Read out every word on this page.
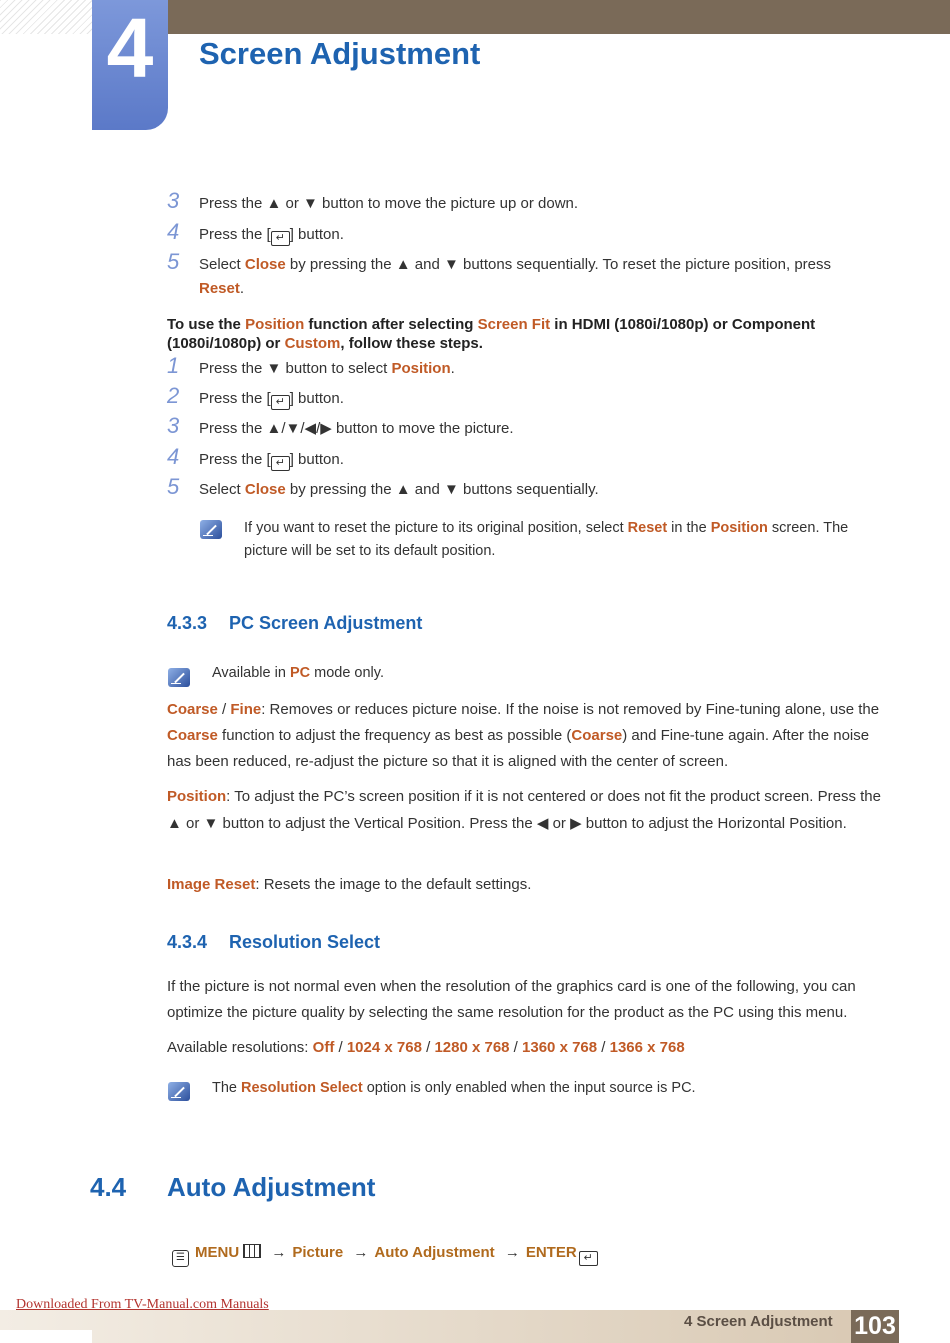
4	Screen Adjustment
3 Press the ▲ or ▼ button to move the picture up or down.
4 Press the [ ↵ ] button.
5 Select Close by pressing the ▲ and ▼ buttons sequentially. To reset the picture position, press Reset.
To use the Position function after selecting Screen Fit in HDMI (1080i/1080p) or Component (1080i/1080p) or Custom, follow these steps.
1 Press the ▼ button to select Position.
2 Press the [ ↵ ] button.
3 Press the ▲/▼/◀/▶ button to move the picture.
4 Press the [ ↵ ] button.
5 Select Close by pressing the ▲ and ▼ buttons sequentially.
If you want to reset the picture to its original position, select Reset in the Position screen. The picture will be set to its default position.
4.3.3 PC Screen Adjustment
Available in PC mode only.
Coarse / Fine: Removes or reduces picture noise. If the noise is not removed by Fine-tuning alone, use the Coarse function to adjust the frequency as best as possible (Coarse) and Fine-tune again. After the noise has been reduced, re-adjust the picture so that it is aligned with the center of screen.
Position: To adjust the PC’s screen position if it is not centered or does not fit the product screen. Press the ▲ or ▼ button to adjust the Vertical Position. Press the ◀ or ▶ button to adjust the Horizontal Position.
Image Reset: Resets the image to the default settings.
4.3.4 Resolution Select
If the picture is not normal even when the resolution of the graphics card is one of the following, you can optimize the picture quality by selecting the same resolution for the product as the PC using this menu.
Available resolutions: Off / 1024 x 768 / 1280 x 768 / 1360 x 768 / 1366 x 768
The Resolution Select option is only enabled when the input source is PC.
4.4 Auto Adjustment
☰ MENU → Picture → Auto Adjustment → ENTER ↵
4 Screen Adjustment 103
Downloaded From TV-Manual.com Manuals
